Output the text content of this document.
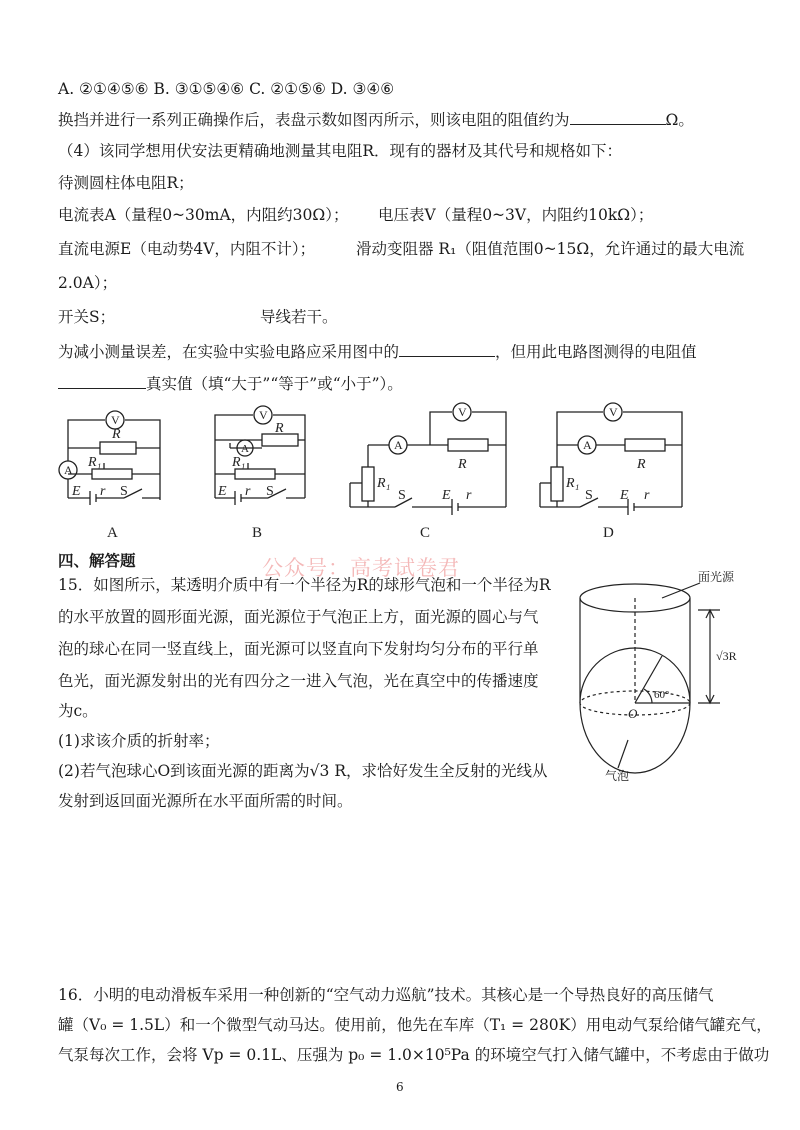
A. ②①④⑤⑥ B. ③①⑤④⑥ C. ②①⑤⑥ D. ③④⑥
换挡并进行一系列正确操作后，表盘示数如图丙所示，则该电阻的阻值约为	Ω。
（4）该同学想用伏安法更精确地测量其电阻R．现有的器材及其代号和规格如下：
待测圆柱体电阻R；
电流表A（量程0~30mA，内阻约30Ω）； 电压表V（量程0~3V，内阻约10kΩ）；
直流电源E（电动势4V，内阻不计）；	滑动变阻器 R₁（阻值范围0~15Ω，允许通过的最大电流
2.0A）；
开关S；	导线若干。
为减小测量误差，在实验中实验电路应采用图中的	，但用此电路图测得的电阻值
真实值（填“大于”“等于”或“小于”）。
V
A
R
R₁
E r S
V
A
R
R₁
E r S
V
A
R
R₁
S	E r
V
A
R
R₁
S E r
A	B	C	D
四、解答题	公众号：高考试卷君
15．如图所示，某透明介质中有一个半径为R的球形气泡和一个半径为R
的水平放置的圆形面光源，面光源位于气泡正上方，面光源的圆心与气
泡的球心在同一竖直线上，面光源可以竖直向下发射均匀分布的平行单
色光，面光源发射出的光有四分之一进入气泡，光在真空中的传播速度
为c。
(1)求该介质的折射率；
(2)若气泡球心O到该面光源的距离为√3 R，求恰好发生全反射的光线从
发射到返回面光源所在水平面所需的时间。
面光源
气泡
√3R
60°
O
16．小明的电动滑板车采用一种创新的“空气动力巡航”技术。其核心是一个导热良好的高压储气
罐（V₀ = 1.5L）和一个微型气动马达。使用前，他先在车库（T₁ = 280K）用电动气泵给储气罐充气，
气泵每次工作，会将 Vp = 0.1L、压强为 p₀ = 1.0×10⁵Pa 的环境空气打入储气罐中，不考虑由于做功
6
